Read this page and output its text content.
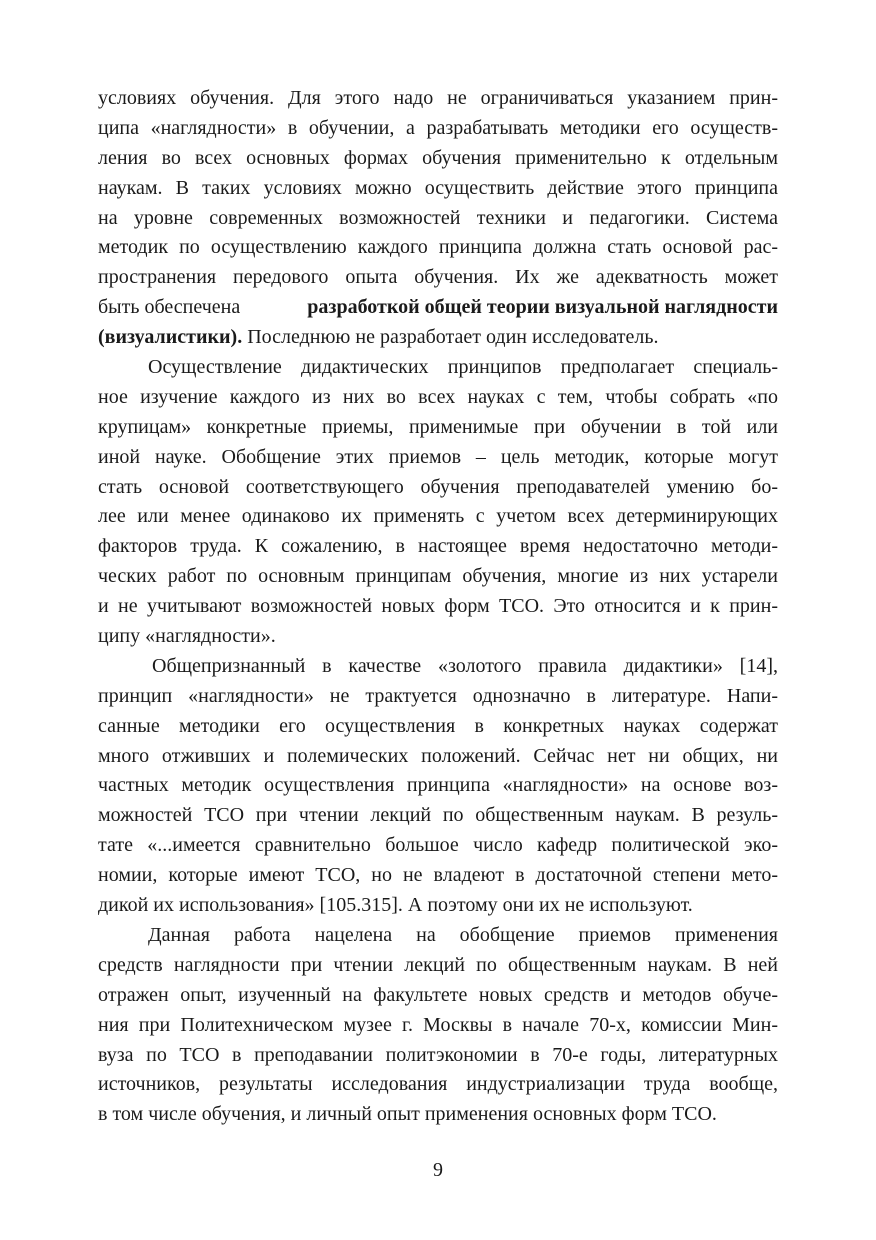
условиях обучения. Для этого надо не ограничиваться указанием прин-
ципа «наглядности» в обучении, а разрабатывать методики его осуществ-
ления во всех основных формах обучения применительно к отдельным
наукам. В таких условиях можно осуществить действие этого принципа
на уровне современных возможностей техники и педагогики. Система
методик по осуществлению каждого принципа должна стать основой рас-
пространения передового опыта обучения. Их же адекватность может
быть обеспечена	разработкой общей теории визуальной наглядности
(визуалистики). Последнюю не разработает один исследователь.
Осуществление дидактических принципов предполагает специаль-
ное изучение каждого из них во всех науках с тем, чтобы собрать «по
крупицам» конкретные приемы, применимые при обучении в той или
иной науке. Обобщение этих приемов – цель методик, которые могут
стать основой соответствующего обучения преподавателей умению бо-
лее или менее одинаково их применять с учетом всех детерминирующих
факторов труда. К сожалению, в настоящее время недостаточно методи-
ческих работ по основным принципам обучения, многие из них устарели
и не учитывают возможностей новых форм ТСО. Это относится и к прин-
ципу «наглядности».
Общепризнанный в качестве «золотого правила дидактики» [14],
принцип «наглядности» не трактуется однозначно в литературе. Напи-
санные методики его осуществления в конкретных науках содержат
много отживших и полемических положений. Сейчас нет ни общих, ни
частных методик осуществления принципа «наглядности» на основе воз-
можностей ТСО при чтении лекций по общественным наукам. В резуль-
тате «...имеется сравнительно большое число кафедр политической эко-
номии, которые имеют ТСО, но не владеют в достаточной степени мето-
дикой их использования» [105.315]. А поэтому они их не используют.
Данная работа нацелена на обобщение приемов применения
средств наглядности при чтении лекций по общественным наукам. В ней
отражен опыт, изученный на факультете новых средств и методов обуче-
ния при Политехническом музее г. Москвы в начале 70-х, комиссии Мин-
вуза по ТСО в преподавании политэкономии в 70-е годы, литературных
источников, результаты исследования индустриализации труда вообще,
в том числе обучения, и личный опыт применения основных форм ТСО.
9
